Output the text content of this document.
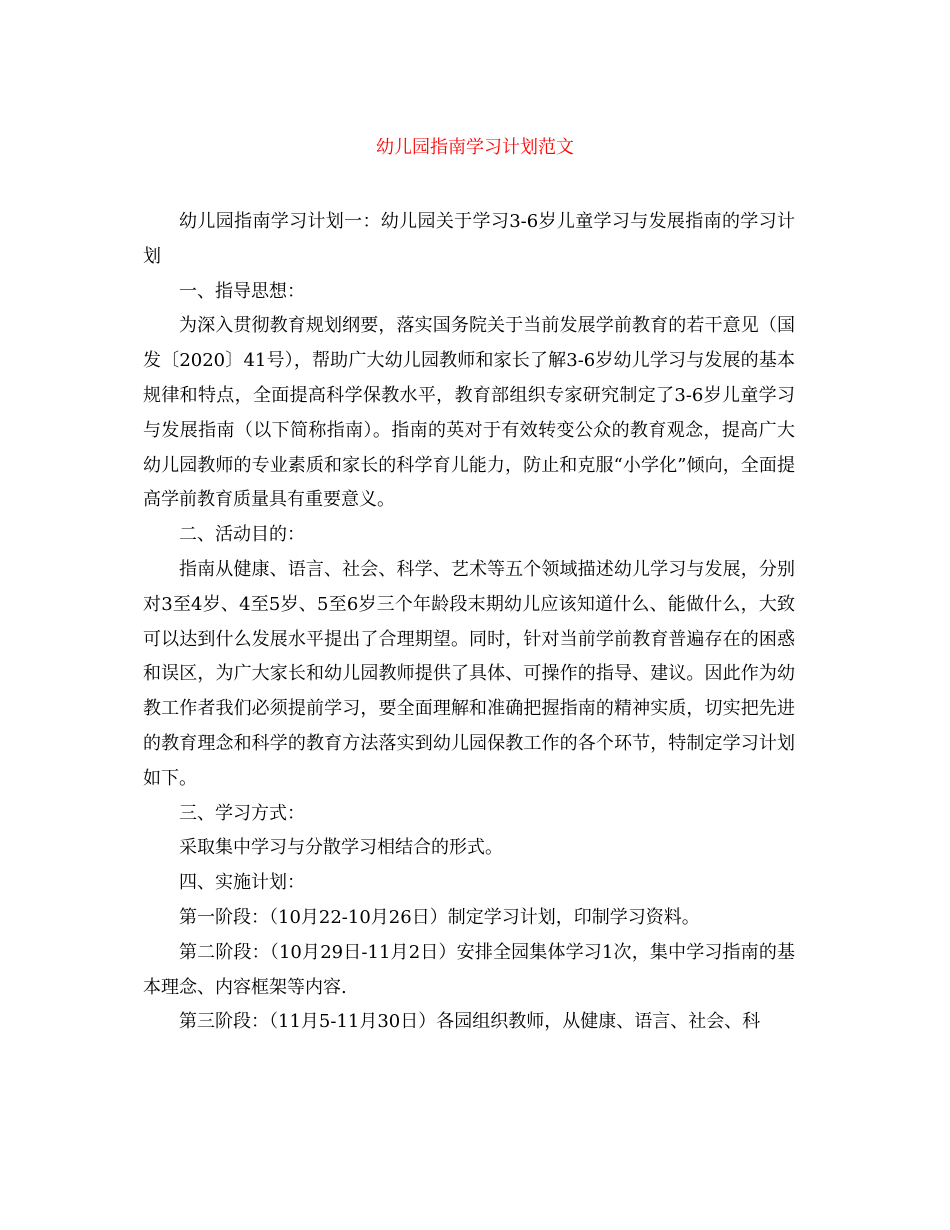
幼儿园指南学习计划范文

幼儿园指南学习计划一：幼儿园关于学习3-6岁儿童学习与发展指南的学习计划

一、指导思想：

为深入贯彻教育规划纲要，落实国务院关于当前发展学前教育的若干意见（国发〔2020〕41号），帮助广大幼儿园教师和家长了解3-6岁幼儿学习与发展的基本规律和特点，全面提高科学保教水平，教育部组织专家研究制定了3-6岁儿童学习与发展指南（以下简称指南）。指南的英对于有效转变公众的教育观念，提高广大幼儿园教师的专业素质和家长的科学育儿能力，防止和克服“小学化”倾向，全面提高学前教育质量具有重要意义。

二、活动目的：

指南从健康、语言、社会、科学、艺术等五个领域描述幼儿学习与发展，分别对3至4岁、4至5岁、5至6岁三个年龄段末期幼儿应该知道什么、能做什么，大致可以达到什么发展水平提出了合理期望。同时，针对当前学前教育普遍存在的困惑和误区，为广大家长和幼儿园教师提供了具体、可操作的指导、建议。因此作为幼教工作者我们必须提前学习，要全面理解和准确把握指南的精神实质，切实把先进的教育理念和科学的教育方法落实到幼儿园保教工作的各个环节，特制定学习计划如下。

三、学习方式：

采取集中学习与分散学习相结合的形式。

四、实施计划：

第一阶段：（10月22-10月26日）制定学习计划，印制学习资料。

第二阶段：（10月29日-11月2日）安排全园集体学习1次，集中学习指南的基本理念、内容框架等内容.

第三阶段：（11月5-11月30日）各园组织教师，从健康、语言、社会、科
